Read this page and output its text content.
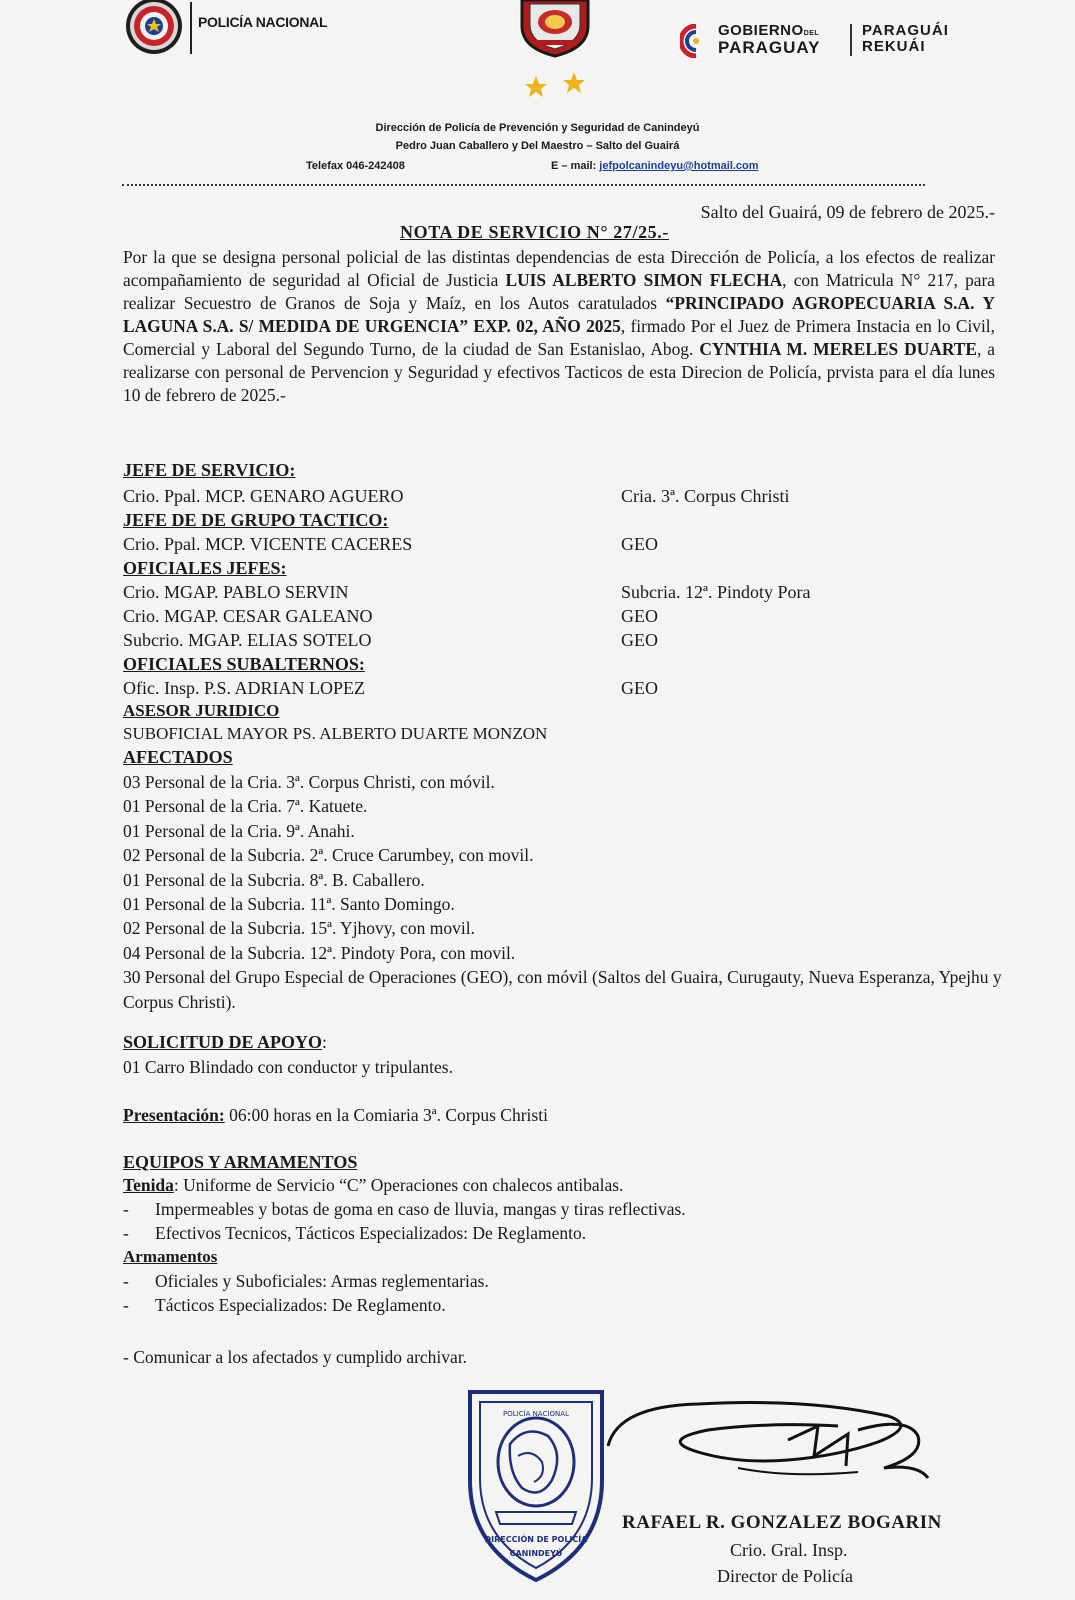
POLICÍA NACIONAL	GOBIERNODEL
PARAGUAY
PARAGUÁI
REKUÁI
Dirección de Policía de Prevención y Seguridad de Canindeyú
Pedro Juan Caballero y Del Maestro – Salto del Guairá
Telefax 046-242408	E – mail: jefpolcanindeyu@hotmail.com
Salto del Guairá, 09 de febrero de 2025.-
NOTA DE SERVICIO N° 27/25.-
Por la que se designa personal policial de las distintas dependencias de esta Dirección de Policía, a los efectos de realizar acompañamiento de seguridad al Oficial de Justicia LUIS ALBERTO SIMON FLECHA, con Matricula N° 217, para realizar Secuestro de Granos de Soja y Maíz, en los Autos caratulados “PRINCIPADO AGROPECUARIA S.A. Y LAGUNA S.A. S/ MEDIDA DE URGENCIA” EXP. 02, AÑO 2025, firmado Por el Juez de Primera Instacia en lo Civil, Comercial y Laboral del Segundo Turno, de la ciudad de San Estanislao, Abog. CYNTHIA M. MERELES DUARTE, a realizarse con personal de Pervencion y Seguridad y efectivos Tacticos de esta Direcion de Policía, prvista para el día lunes 10 de febrero de 2025.-
JEFE DE SERVICIO:
Crio. Ppal. MCP. GENARO AGUERO	Cria. 3ª. Corpus Christi
JEFE DE DE GRUPO TACTICO:
Crio. Ppal. MCP. VICENTE CACERES	GEO
OFICIALES JEFES:
Crio. MGAP. PABLO SERVIN	Subcria. 12ª. Pindoty Pora
Crio. MGAP. CESAR GALEANO	GEO
Subcrio. MGAP. ELIAS SOTELO	GEO
OFICIALES SUBALTERNOS:
Ofic. Insp. P.S. ADRIAN LOPEZ	GEO
ASESOR JURIDICO
SUBOFICIAL MAYOR PS. ALBERTO DUARTE MONZON
AFECTADOS
03 Personal de la Cria. 3ª. Corpus Christi, con móvil.
01 Personal de la Cria. 7ª. Katuete.
01 Personal de la Cria. 9ª. Anahi.
02 Personal de la Subcria. 2ª. Cruce Carumbey, con movil.
01 Personal de la Subcria. 8ª. B. Caballero.
01 Personal de la Subcria. 11ª. Santo Domingo.
02 Personal de la Subcria. 15ª. Yjhovy, con movil.
04 Personal de la Subcria. 12ª. Pindoty Pora, con movil.
30 Personal del Grupo Especial de Operaciones (GEO), con móvil (Saltos del Guaira, Curugauty, Nueva Esperanza, Ypejhu y Corpus Christi).
SOLICITUD DE APOYO:
01 Carro Blindado con conductor y tripulantes.
Presentación: 06:00 horas en la Comiaria 3ª. Corpus Christi
EQUIPOS Y ARMAMENTOS
Tenida: Uniforme de Servicio “C” Operaciones con chalecos antibalas.
- Impermeables y botas de goma en caso de lluvia, mangas y tiras reflectivas.
- Efectivos Tecnicos, Tácticos Especializados: De Reglamento.
Armamentos
- Oficiales y Suboficiales: Armas reglementarias.
- Tácticos Especializados: De Reglamento.
- Comunicar a los afectados y cumplido archivar.
POLICÍA NACIONAL
DIRECCIÓN DE POLICÍA
CANINDEYÚ
RAFAEL R. GONZALEZ BOGARIN
Crio. Gral. Insp.
Director de Policía
